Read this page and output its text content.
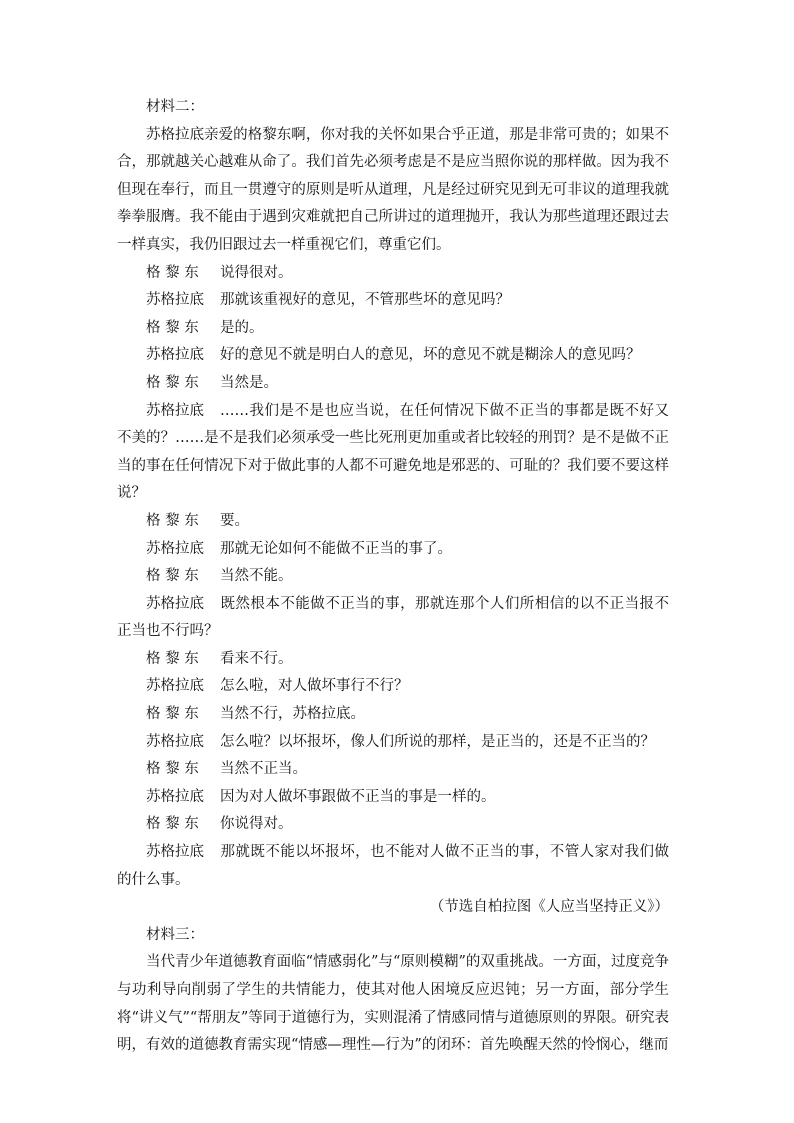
材料二：
苏格拉底亲爱的格黎东啊，你对我的关怀如果合乎正道，那是非常可贵的；如果不合，那就越关心越难从命了。我们首先必须考虑是不是应当照你说的那样做。因为我不但现在奉行，而且一贯遵守的原则是听从道理，凡是经过研究见到无可非议的道理我就拳拳服膺。我不能由于遇到灾难就把自己所讲过的道理抛开，我认为那些道理还跟过去一样真实，我仍旧跟过去一样重视它们，尊重它们。
格 黎 东 说得很对。
苏格拉底 那就该重视好的意见，不管那些坏的意见吗？
格 黎 东 是的。
苏格拉底 好的意见不就是明白人的意见，坏的意见不就是糊涂人的意见吗？
格 黎 东 当然是。
苏格拉底 ……我们是不是也应当说，在任何情况下做不正当的事都是既不好又不美的？……是不是我们必须承受一些比死刑更加重或者比较轻的刑罚？是不是做不正当的事在任何情况下对于做此事的人都不可避免地是邪恶的、可耻的？我们要不要这样说？
格 黎 东 要。
苏格拉底 那就无论如何不能做不正当的事了。
格 黎 东 当然不能。
苏格拉底 既然根本不能做不正当的事，那就连那个人们所相信的以不正当报不正当也不行吗？
格 黎 东 看来不行。
苏格拉底 怎么啦，对人做坏事行不行？
格 黎 东 当然不行，苏格拉底。
苏格拉底 怎么啦？以坏报坏，像人们所说的那样，是正当的，还是不正当的？
格 黎 东 当然不正当。
苏格拉底 因为对人做坏事跟做不正当的事是一样的。
格 黎 东 你说得对。
苏格拉底 那就既不能以坏报坏，也不能对人做不正当的事，不管人家对我们做的什么事。
（节选自柏拉图《人应当坚持正义》）
材料三：
当代青少年道德教育面临“情感弱化”与“原则模糊”的双重挑战。一方面，过度竞争与功利导向削弱了学生的共情能力，使其对他人困境反应迟钝；另一方面，部分学生将“讲义气”“帮朋友”等同于道德行为，实则混淆了情感同情与道德原则的界限。研究表明，有效的道德教育需实现“情感—理性—行为”的闭环：首先唤醒天然的怜悯心，继而
